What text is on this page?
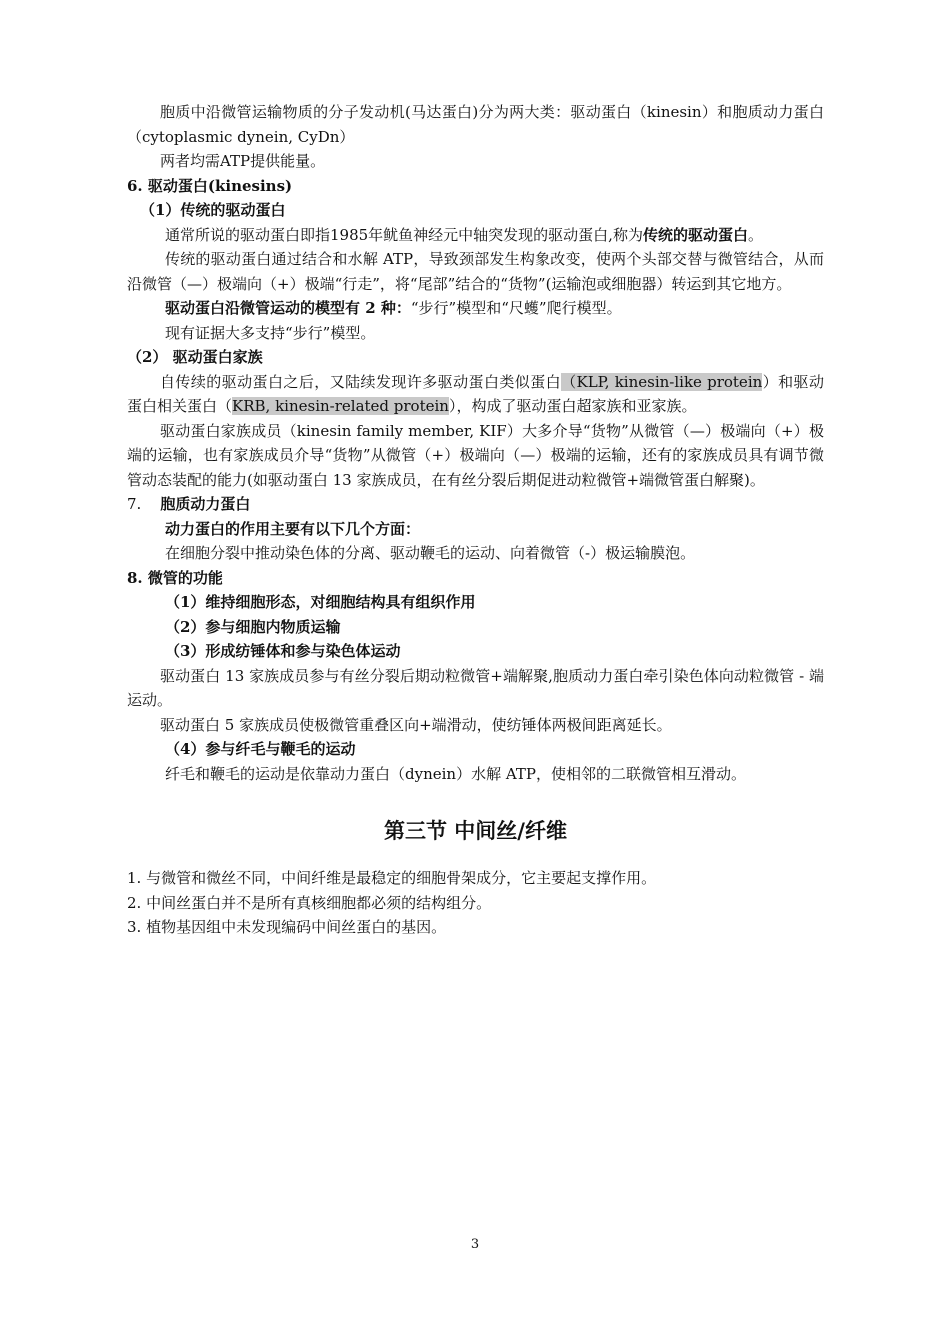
胞质中沿微管运输物质的分子发动机(马达蛋白)分为两大类：驱动蛋白（kinesin）和胞质动力蛋白（cytoplasmic dynein, CyDn）

两者均需ATP提供能量。

6. 驱动蛋白(kinesins)

（1）传统的驱动蛋白

通常所说的驱动蛋白即指1985年鱿鱼神经元中轴突发现的驱动蛋白,称为传统的驱动蛋白。

传统的驱动蛋白通过结合和水解 ATP，导致颈部发生构象改变，使两个头部交替与微管结合，从而沿微管（—）极端向（+）极端“行走”，将“尾部”结合的“货物”(运输泡或细胞器）转运到其它地方。

驱动蛋白沿微管运动的模型有 2 种：“步行”模型和“尺蠖”爬行模型。

现有证据大多支持“步行”模型。

（2） 驱动蛋白家族

自传续的驱动蛋白之后，又陆续发现许多驱动蛋白类似蛋白（KLP, kinesin-like protein）和驱动蛋白相关蛋白（KRB, kinesin-related protein），构成了驱动蛋白超家族和亚家族。

驱动蛋白家族成员（kinesin family member, KIF）大多介导“货物”从微管（—）极端向（+）极端的运输，也有家族成员介导“货物”从微管（+）极端向（—）极端的运输，还有的家族成员具有调节微管动态装配的能力(如驱动蛋白 13 家族成员，在有丝分裂后期促进动粒微管+端微管蛋白解聚)。

7. 胞质动力蛋白

动力蛋白的作用主要有以下几个方面：

在细胞分裂中推动染色体的分离、驱动鞭毛的运动、向着微管（-）极运输膜泡。

8. 微管的功能

（1）维持细胞形态，对细胞结构具有组织作用

（2）参与细胞内物质运输

（3）形成纺锤体和参与染色体运动

驱动蛋白 13 家族成员参与有丝分裂后期动粒微管+端解聚,胞质动力蛋白牵引染色体向动粒微管 - 端运动。

驱动蛋白 5 家族成员使极微管重叠区向+端滑动，使纺锤体两极间距离延长。

（4）参与纤毛与鞭毛的运动

纤毛和鞭毛的运动是依靠动力蛋白（dynein）水解 ATP，使相邻的二联微管相互滑动。

第三节 中间丝/纤维

1. 与微管和微丝不同，中间纤维是最稳定的细胞骨架成分，它主要起支撑作用。

2. 中间丝蛋白并不是所有真核细胞都必须的结构组分。

3. 植物基因组中未发现编码中间丝蛋白的基因。

3
